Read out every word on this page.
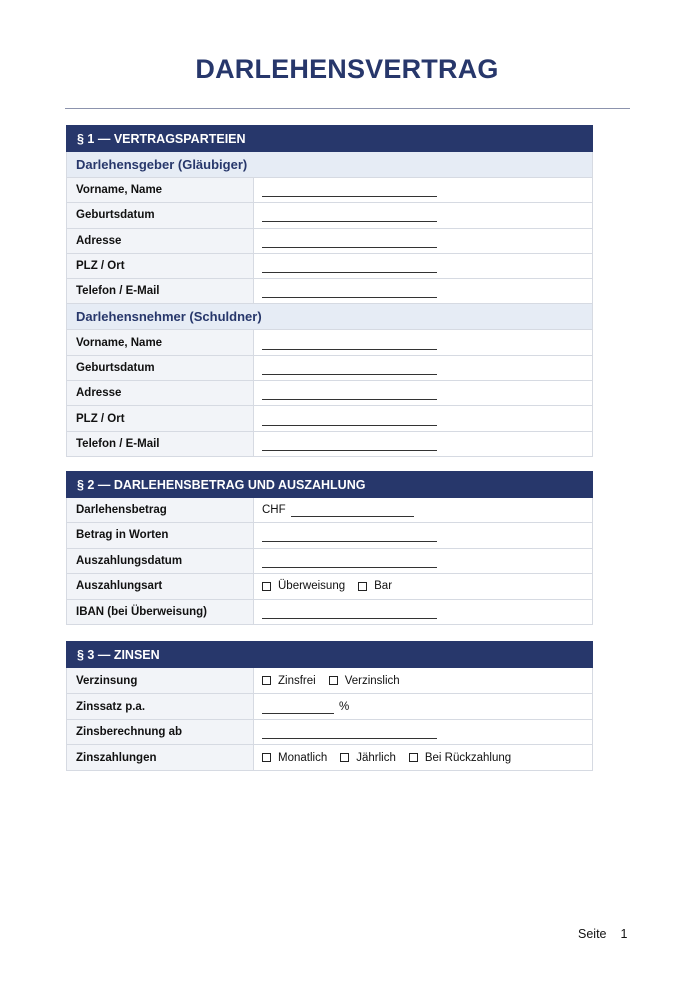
DARLEHENSVERTRAG
§ 1 — VERTRAGSPARTEIEN
Darlehensgeber (Gläubiger)
Vorname, Name
Geburtsdatum
Adresse
PLZ / Ort
Telefon / E-Mail
Darlehensnehmer (Schuldner)
Vorname, Name
Geburtsdatum
Adresse
PLZ / Ort
Telefon / E-Mail
§ 2 — DARLEHENSBETRAG UND AUSZAHLUNG
Darlehensbetrag	CHF
Betrag in Worten
Auszahlungsdatum
Auszahlungsart	Überweisung	Bar
IBAN (bei Überweisung)
§ 3 — ZINSEN
Verzinsung	Zinsfrei	Verzinslich
Zinssatz p.a.	%
Zinsberechnung ab
Zinszahlungen	Monatlich	Jährlich	Bei Rückzahlung
Seite 1
